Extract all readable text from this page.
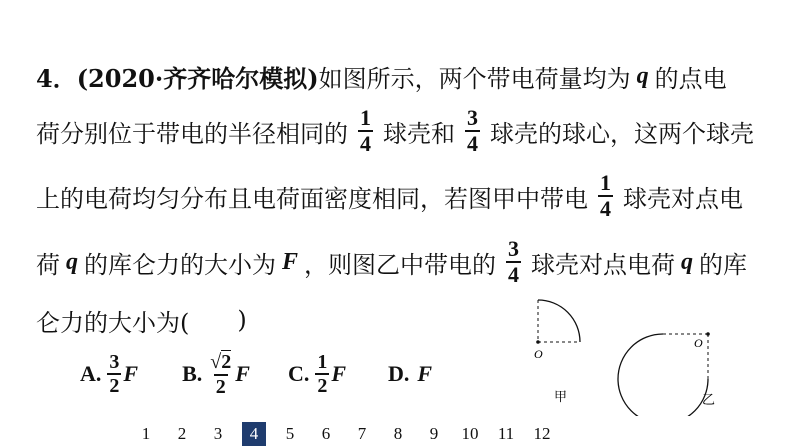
4． (2020·齐齐哈尔模拟) 如图所示，两个带电荷量均为 q 的点电
荷分别位于带电的半径相同的 $\frac{1}{4}$ 球壳和 $\frac{3}{4}$ 球壳的球心，这两个球壳
上的电荷均匀分布且电荷面密度相同，若图甲中带电 $\frac{1}{4}$ 球壳对点电
荷 q 的库仑力的大小为 F ，则图乙中带电的 $\frac{3}{4}$ 球壳对点电荷 q 的库
仑力的大小为(
　　 )
A. $\frac{3}{2}$ F B. $\frac{√ 2}{2}$ F C. $\frac{1}{2}$ F D. F
O
甲
O
乙
1	2	3	4	5	6	7	8	9	10	11	12
